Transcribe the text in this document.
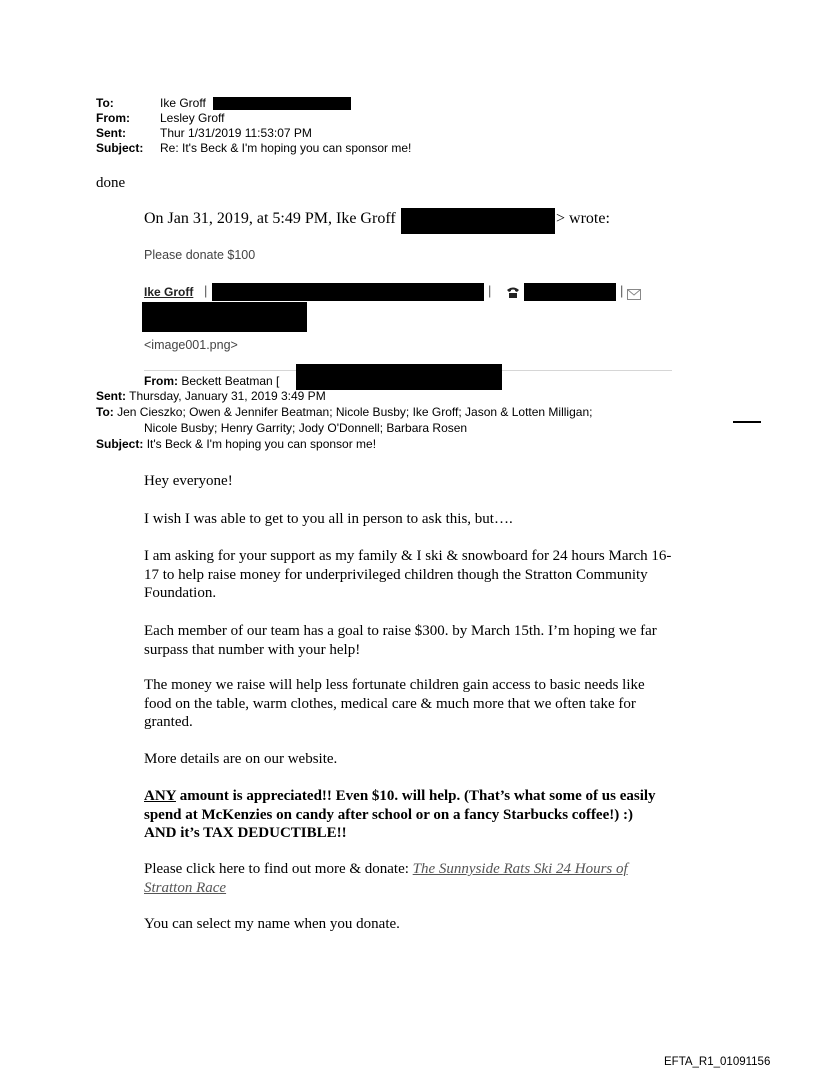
To:	Ike Groff
From:	Lesley Groff
Sent:	Thur 1/31/2019 11:53:07 PM
Subject: Re: It's Beck & I'm hoping you can sponsor me!
done
On Jan 31, 2019, at 5:49 PM, Ike Groff	> wrote:
Please donate $100
Ike Groff |	|	|
<image001.png>
From: Beckett Beatman [
Sent: Thursday, January 31, 2019 3:49 PM
To: Jen Cieszko; Owen & Jennifer Beatman; Nicole Busby; Ike Groff; Jason & Lotten Milligan;
Nicole Busby; Henry Garrity; Jody O'Donnell; Barbara Rosen
Subject: It's Beck & I'm hoping you can sponsor me!
Hey everyone!
I wish I was able to get to you all in person to ask this, but….
I am asking for your support as my family & I ski & snowboard for 24 hours March 16-17 to help raise money for underprivileged children though the Stratton Community Foundation.
Each member of our team has a goal to raise $300. by March 15th. I’m hoping we far surpass that number with your help!
The money we raise will help less fortunate children gain access to basic needs like food on the table, warm clothes, medical care & much more that we often take for granted.
More details are on our website.
ANY amount is appreciated!! Even $10. will help. (That’s what some of us easily spend at McKenzies on candy after school or on a fancy Starbucks coffee!) :) AND it’s TAX DEDUCTIBLE!!
Please click here to find out more & donate: The Sunnyside Rats Ski 24 Hours of Stratton Race
You can select my name when you donate.
EFTA_R1_01091156
